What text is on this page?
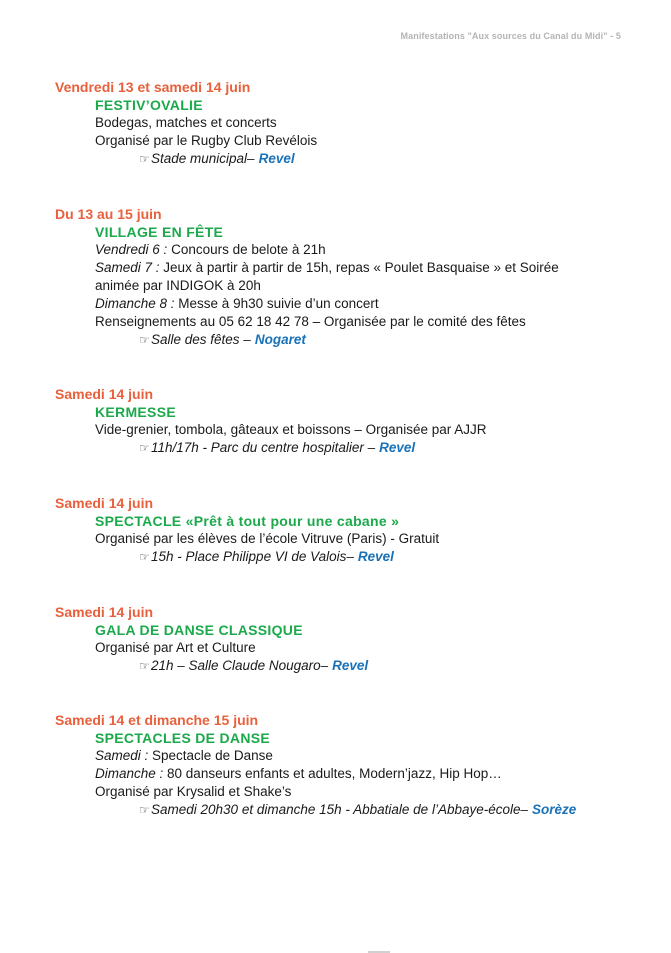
Manifestations "Aux sources du Canal du Midi" - 5
Vendredi 13 et samedi 14 juin
FESTIV’OVALIE
Bodegas, matches et concerts
Organisé par le Rugby Club Revélois
☞Stade municipal– Revel
Du 13 au 15 juin
VILLAGE EN FÊTE
Vendredi 6 : Concours de belote à 21h
Samedi 7 : Jeux à partir à partir de 15h, repas « Poulet Basquaise » et Soirée
animée par INDIGOK à 20h
Dimanche 8 : Messe à 9h30 suivie d’un concert
Renseignements au 05 62 18 42 78 – Organisée par le comité des fêtes
☞Salle des fêtes – Nogaret
Samedi 14 juin
KERMESSE
Vide-grenier, tombola, gâteaux et boissons – Organisée par AJJR
☞11h/17h - Parc du centre hospitalier – Revel
Samedi 14 juin
SPECTACLE «Prêt à tout pour une cabane »
Organisé par les élèves de l’école Vitruve (Paris) - Gratuit
☞15h - Place Philippe VI de Valois– Revel
Samedi 14 juin
GALA DE DANSE CLASSIQUE
Organisé par Art et Culture
☞21h – Salle Claude Nougaro– Revel
Samedi 14 et dimanche 15 juin
SPECTACLES DE DANSE
Samedi : Spectacle de Danse
Dimanche : 80 danseurs enfants et adultes, Modern’jazz, Hip Hop…
Organisé par Krysalid et Shake’s
☞Samedi 20h30 et dimanche 15h - Abbatiale de l’Abbaye-école– Sorèze
